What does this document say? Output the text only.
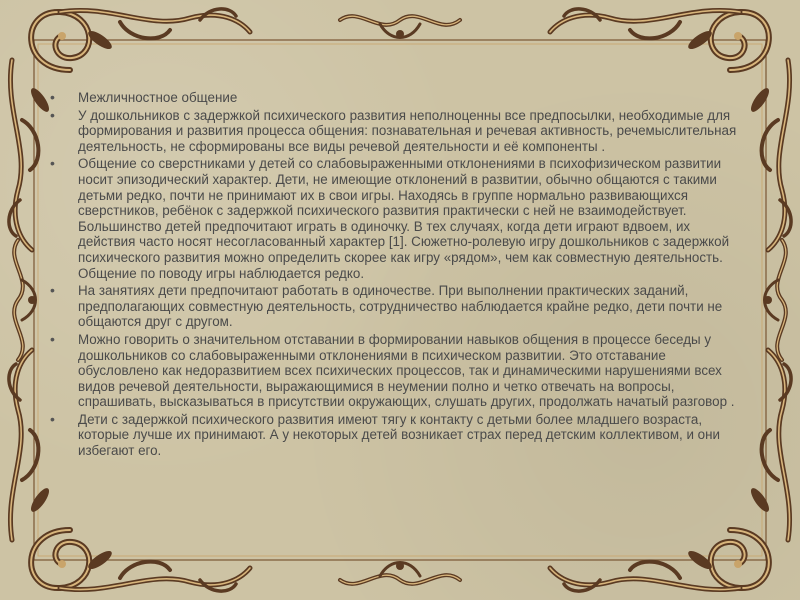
• Межличностное общение
• У дошкольников с задержкой психического развития неполноценны все предпосылки, необходимые для формирования и развития процесса общения: познавательная и речевая активность, речемыслительная деятельность, не сформированы все виды речевой деятельности и её компоненты .
• Общение со сверстниками у детей со слабовыраженными отклонениями в психофизическом развитии носит эпизодический характер. Дети, не имеющие отклонений в развитии, обычно общаются с такими детьми редко, почти не принимают их в свои игры. Находясь в группе нормально развивающихся сверстников, ребёнок с задержкой психического развития практически с ней не взаимодействует. Большинство детей предпочитают играть в одиночку. В тех случаях, когда дети играют вдвоем, их действия часто носят несогласованный характер [1]. Сюжетно-ролевую игру дошкольников с задержкой психического развития можно определить скорее как игру «рядом», чем как совместную деятельность. Общение по поводу игры наблюдается редко.
• На занятиях дети предпочитают работать в одиночестве. При выполнении практических заданий, предполагающих совместную деятельность, сотрудничество наблюдается крайне редко, дети почти не общаются друг с другом.
• Можно говорить о значительном отставании в формировании навыков общения в процессе беседы у дошкольников со слабовыраженными отклонениями в психическом развитии. Это отставание обусловлено как недоразвитием всех психических процессов, так и динамическими нарушениями всех видов речевой деятельности, выражающимися в неумении полно и четко отвечать на вопросы, спрашивать, высказываться в присутствии окружающих, слушать других, продолжать начатый разговор .
• Дети с задержкой психического развития имеют тягу к контакту с детьми более младшего возраста, которые лучше их принимают. А у некоторых детей возникает страх перед детским коллективом, и они избегают его.
